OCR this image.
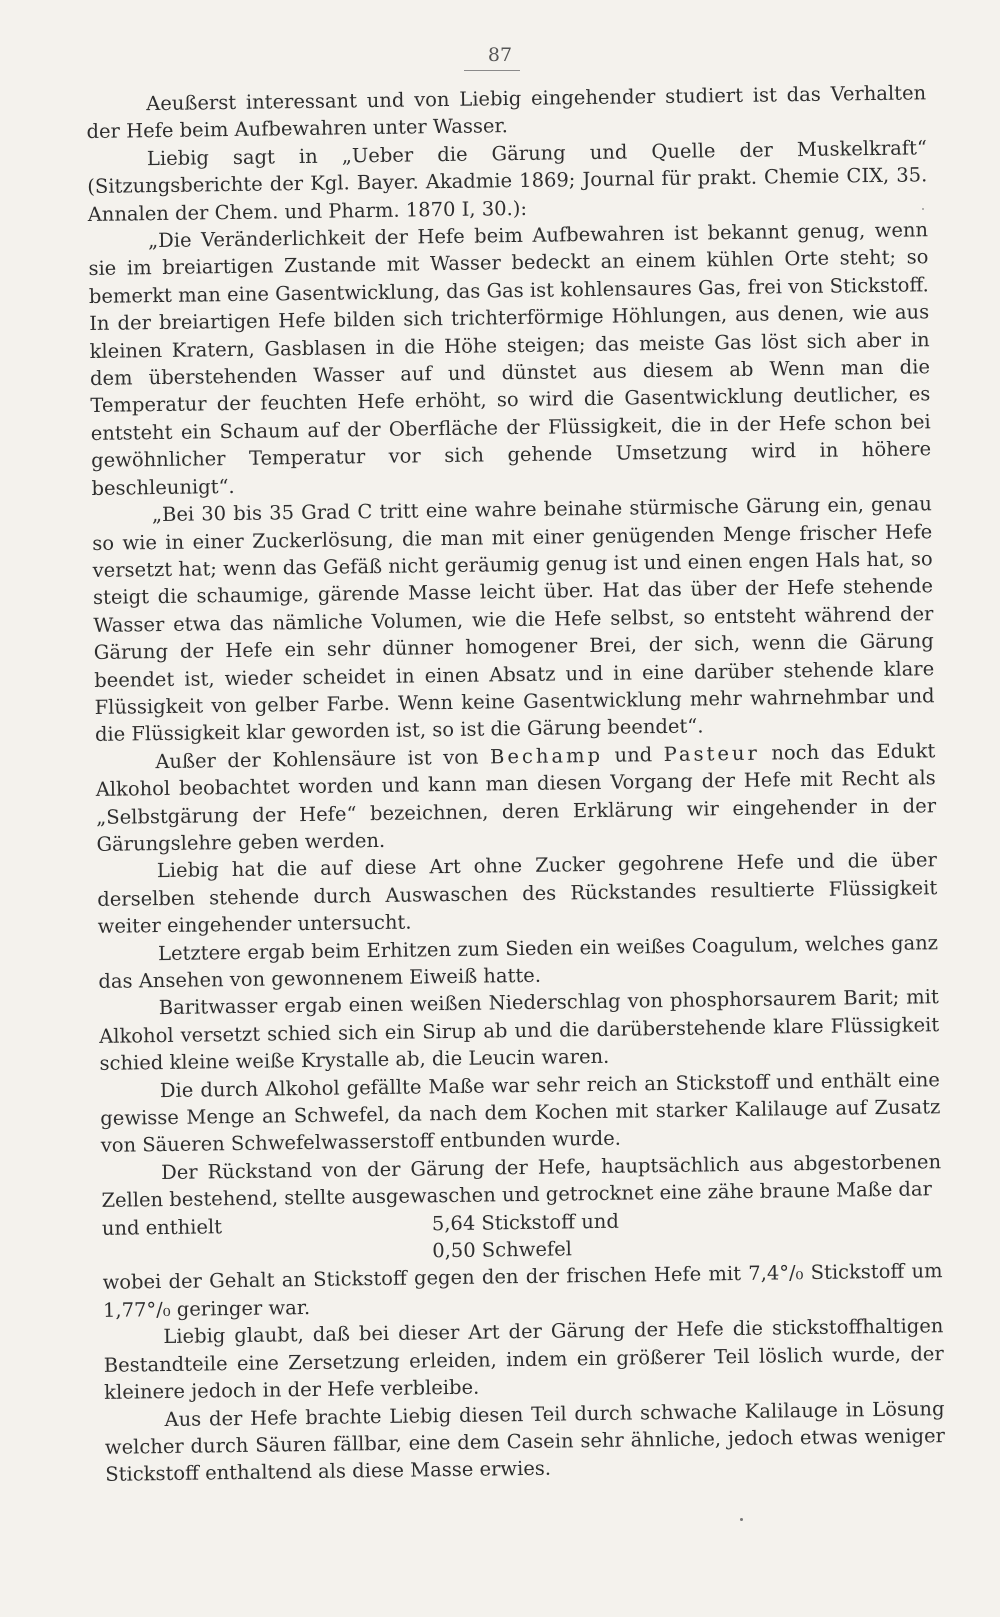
87

Aeußerst interessant und von Liebig eingehender studiert ist das Verhalten der Hefe beim Aufbewahren unter Wasser.

Liebig sagt in „Ueber die Gärung und Quelle der Muskelkraft“ (Sitzungsberichte der Kgl. Bayer. Akadmie 1869; Journal für prakt. Chemie CIX, 35. Annalen der Chem. und Pharm. 1870 I, 30.):

„Die Veränderlichkeit der Hefe beim Aufbewahren ist bekannt genug, wenn sie im breiartigen Zustande mit Wasser bedeckt an einem kühlen Orte steht; so bemerkt man eine Gasentwicklung, das Gas ist kohlensaures Gas, frei von Stickstoff. In der breiartigen Hefe bilden sich trichterförmige Höhlungen, aus denen, wie aus kleinen Kratern, Gasblasen in die Höhe steigen; das meiste Gas löst sich aber in dem überstehenden Wasser auf und dünstet aus diesem ab Wenn man die Temperatur der feuchten Hefe erhöht, so wird die Gasentwicklung deutlicher, es entsteht ein Schaum auf der Oberfläche der Flüssigkeit, die in der Hefe schon bei gewöhnlicher Temperatur vor sich gehende Umsetzung wird in höhere beschleunigt“.

„Bei 30 bis 35 Grad C tritt eine wahre beinahe stürmische Gärung ein, genau so wie in einer Zuckerlösung, die man mit einer genügenden Menge frischer Hefe versetzt hat; wenn das Gefäß nicht geräumig genug ist und einen engen Hals hat, so steigt die schaumige, gärende Masse leicht über. Hat das über der Hefe stehende Wasser etwa das nämliche Volumen, wie die Hefe selbst, so entsteht während der Gärung der Hefe ein sehr dünner homogener Brei, der sich, wenn die Gärung beendet ist, wieder scheidet in einen Absatz und in eine darüber stehende klare Flüssigkeit von gelber Farbe. Wenn keine Gasentwicklung mehr wahrnehmbar und die Flüssigkeit klar geworden ist, so ist die Gärung beendet“.

Außer der Kohlensäure ist von Bechamp und Pasteur noch das Edukt Alkohol beobachtet worden und kann man diesen Vorgang der Hefe mit Recht als „Selbstgärung der Hefe“ bezeichnen, deren Erklärung wir eingehender in der Gärungslehre geben werden.

Liebig hat die auf diese Art ohne Zucker gegohrene Hefe und die über derselben stehende durch Auswaschen des Rückstandes resultierte Flüssigkeit weiter eingehender untersucht.

Letztere ergab beim Erhitzen zum Sieden ein weißes Coagulum, welches ganz das Ansehen von gewonnenem Eiweiß hatte.

Baritwasser ergab einen weißen Niederschlag von phosphorsaurem Barit; mit Alkohol versetzt schied sich ein Sirup ab und die darüberstehende klare Flüssigkeit schied kleine weiße Krystalle ab, die Leucin waren.

Die durch Alkohol gefällte Maße war sehr reich an Stickstoff und enthält eine gewisse Menge an Schwefel, da nach dem Kochen mit starker Kalilauge auf Zusatz von Säueren Schwefelwasserstoff entbunden wurde.

Der Rückstand von der Gärung der Hefe, hauptsächlich aus abgestorbenen Zellen bestehend, stellte ausgewaschen und getrocknet eine zähe braune Maße dar

und enthielt	5,64 Stickstoff und
0,50 Schwefel

wobei der Gehalt an Stickstoff gegen den der frischen Hefe mit 7,4°/₀ Stickstoff um 1,77°/₀ geringer war.

Liebig glaubt, daß bei dieser Art der Gärung der Hefe die stickstoffhaltigen Bestandteile eine Zersetzung erleiden, indem ein größerer Teil löslich wurde, der kleinere jedoch in der Hefe verbleibe.

Aus der Hefe brachte Liebig diesen Teil durch schwache Kalilauge in Lösung welcher durch Säuren fällbar, eine dem Casein sehr ähnliche, jedoch etwas weniger Stickstoff enthaltend als diese Masse erwies.
